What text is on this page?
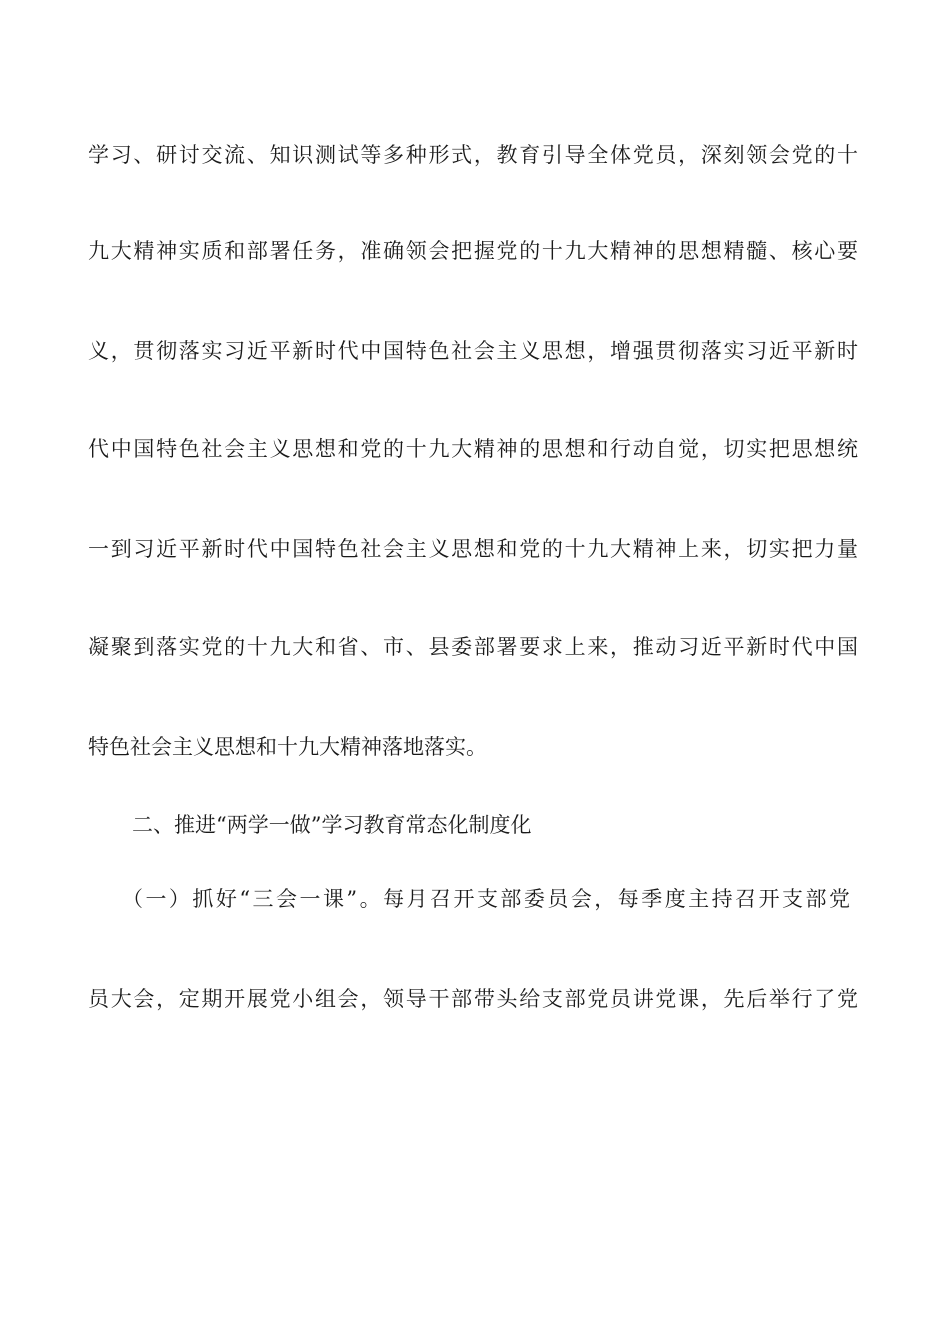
学习、研讨交流、知识测试等多种形式，教育引导全体党员，深刻领会党的十
九大精神实质和部署任务，准确领会把握党的十九大精神的思想精髓、核心要
义，贯彻落实习近平新时代中国特色社会主义思想，增强贯彻落实习近平新时
代中国特色社会主义思想和党的十九大精神的思想和行动自觉，切实把思想统
一到习近平新时代中国特色社会主义思想和党的十九大精神上来，切实把力量
凝聚到落实党的十九大和省、市、县委部署要求上来，推动习近平新时代中国
特色社会主义思想和十九大精神落地落实。
二、推进“两学一做”学习教育常态化制度化
（一）抓好“三会一课”。每月召开支部委员会，每季度主持召开支部党
员大会，定期开展党小组会，领导干部带头给支部党员讲党课，先后举行了党
